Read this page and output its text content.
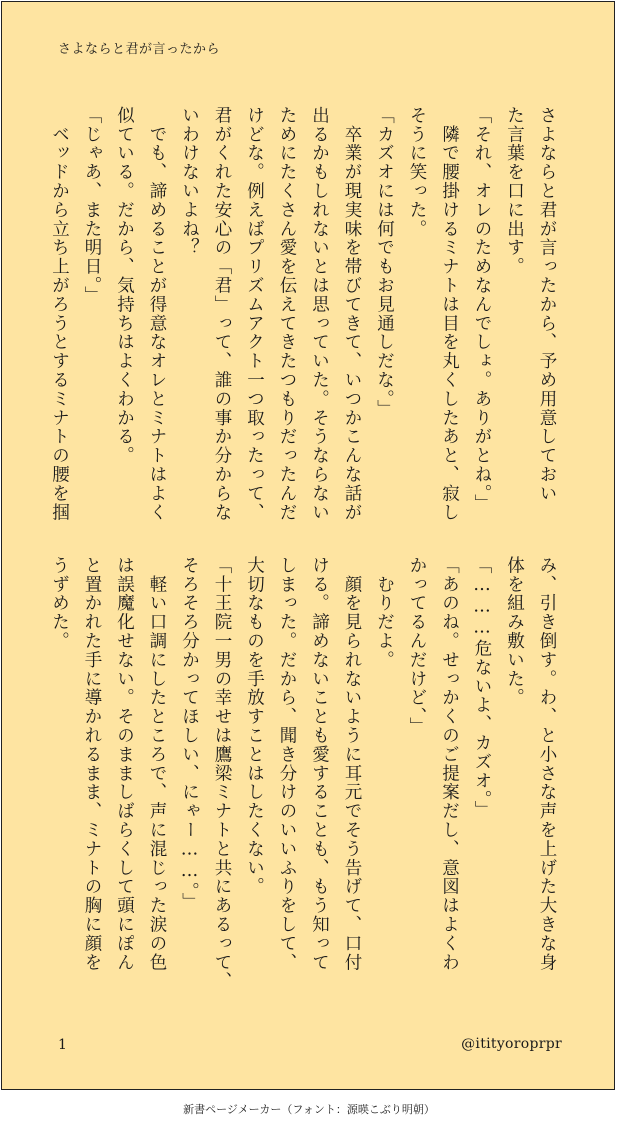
さよならと君が言ったから
さよならと君が言ったから、予め用意しておい
た言葉を口に出す。
「それ、オレのためなんでしょ。ありがとね。」
　隣で腰掛けるミナトは目を丸くしたあと、寂し
そうに笑った。
「カズオには何でもお見通しだな。」
　卒業が現実味を帯びてきて、いつかこんな話が
出るかもしれないとは思っていた。そうならない
ためにたくさん愛を伝えてきたつもりだったんだ
けどな。例えばプリズムアクト一つ取ったって、
君がくれた安心の「君」って、誰の事か分からな
いわけないよね？
　でも、諦めることが得意なオレとミナトはよく
似ている。だから、気持ちはよくわかる。
「じゃあ、また明日。」
　ベッドから立ち上がろうとするミナトの腰を掴
み、引き倒す。わ、と小さな声を上げた大きな身
体を組み敷いた。
「………危ないよ、カズオ。」
「あのね。せっかくのご提案だし、意図はよくわ
かってるんだけど、」
　むりだよ。
　顔を見られないように耳元でそう告げて、口付
ける。諦めないことも愛することも、もう知って
しまった。だから、聞き分けのいいふりをして、
大切なものを手放すことはしたくない。
「十王院一男の幸せは鷹梁ミナトと共にあるって、
そろそろ分かってほしい、にゃー……。」
　軽い口調にしたところで、声に混じった涙の色
は誤魔化せない。そのまましばらくして頭にぽん
と置かれた手に導かれるまま、ミナトの胸に顔を
うずめた。
1	@itityoroprpr
新書ページメーカー（フォント：源暎こぶり明朝）
